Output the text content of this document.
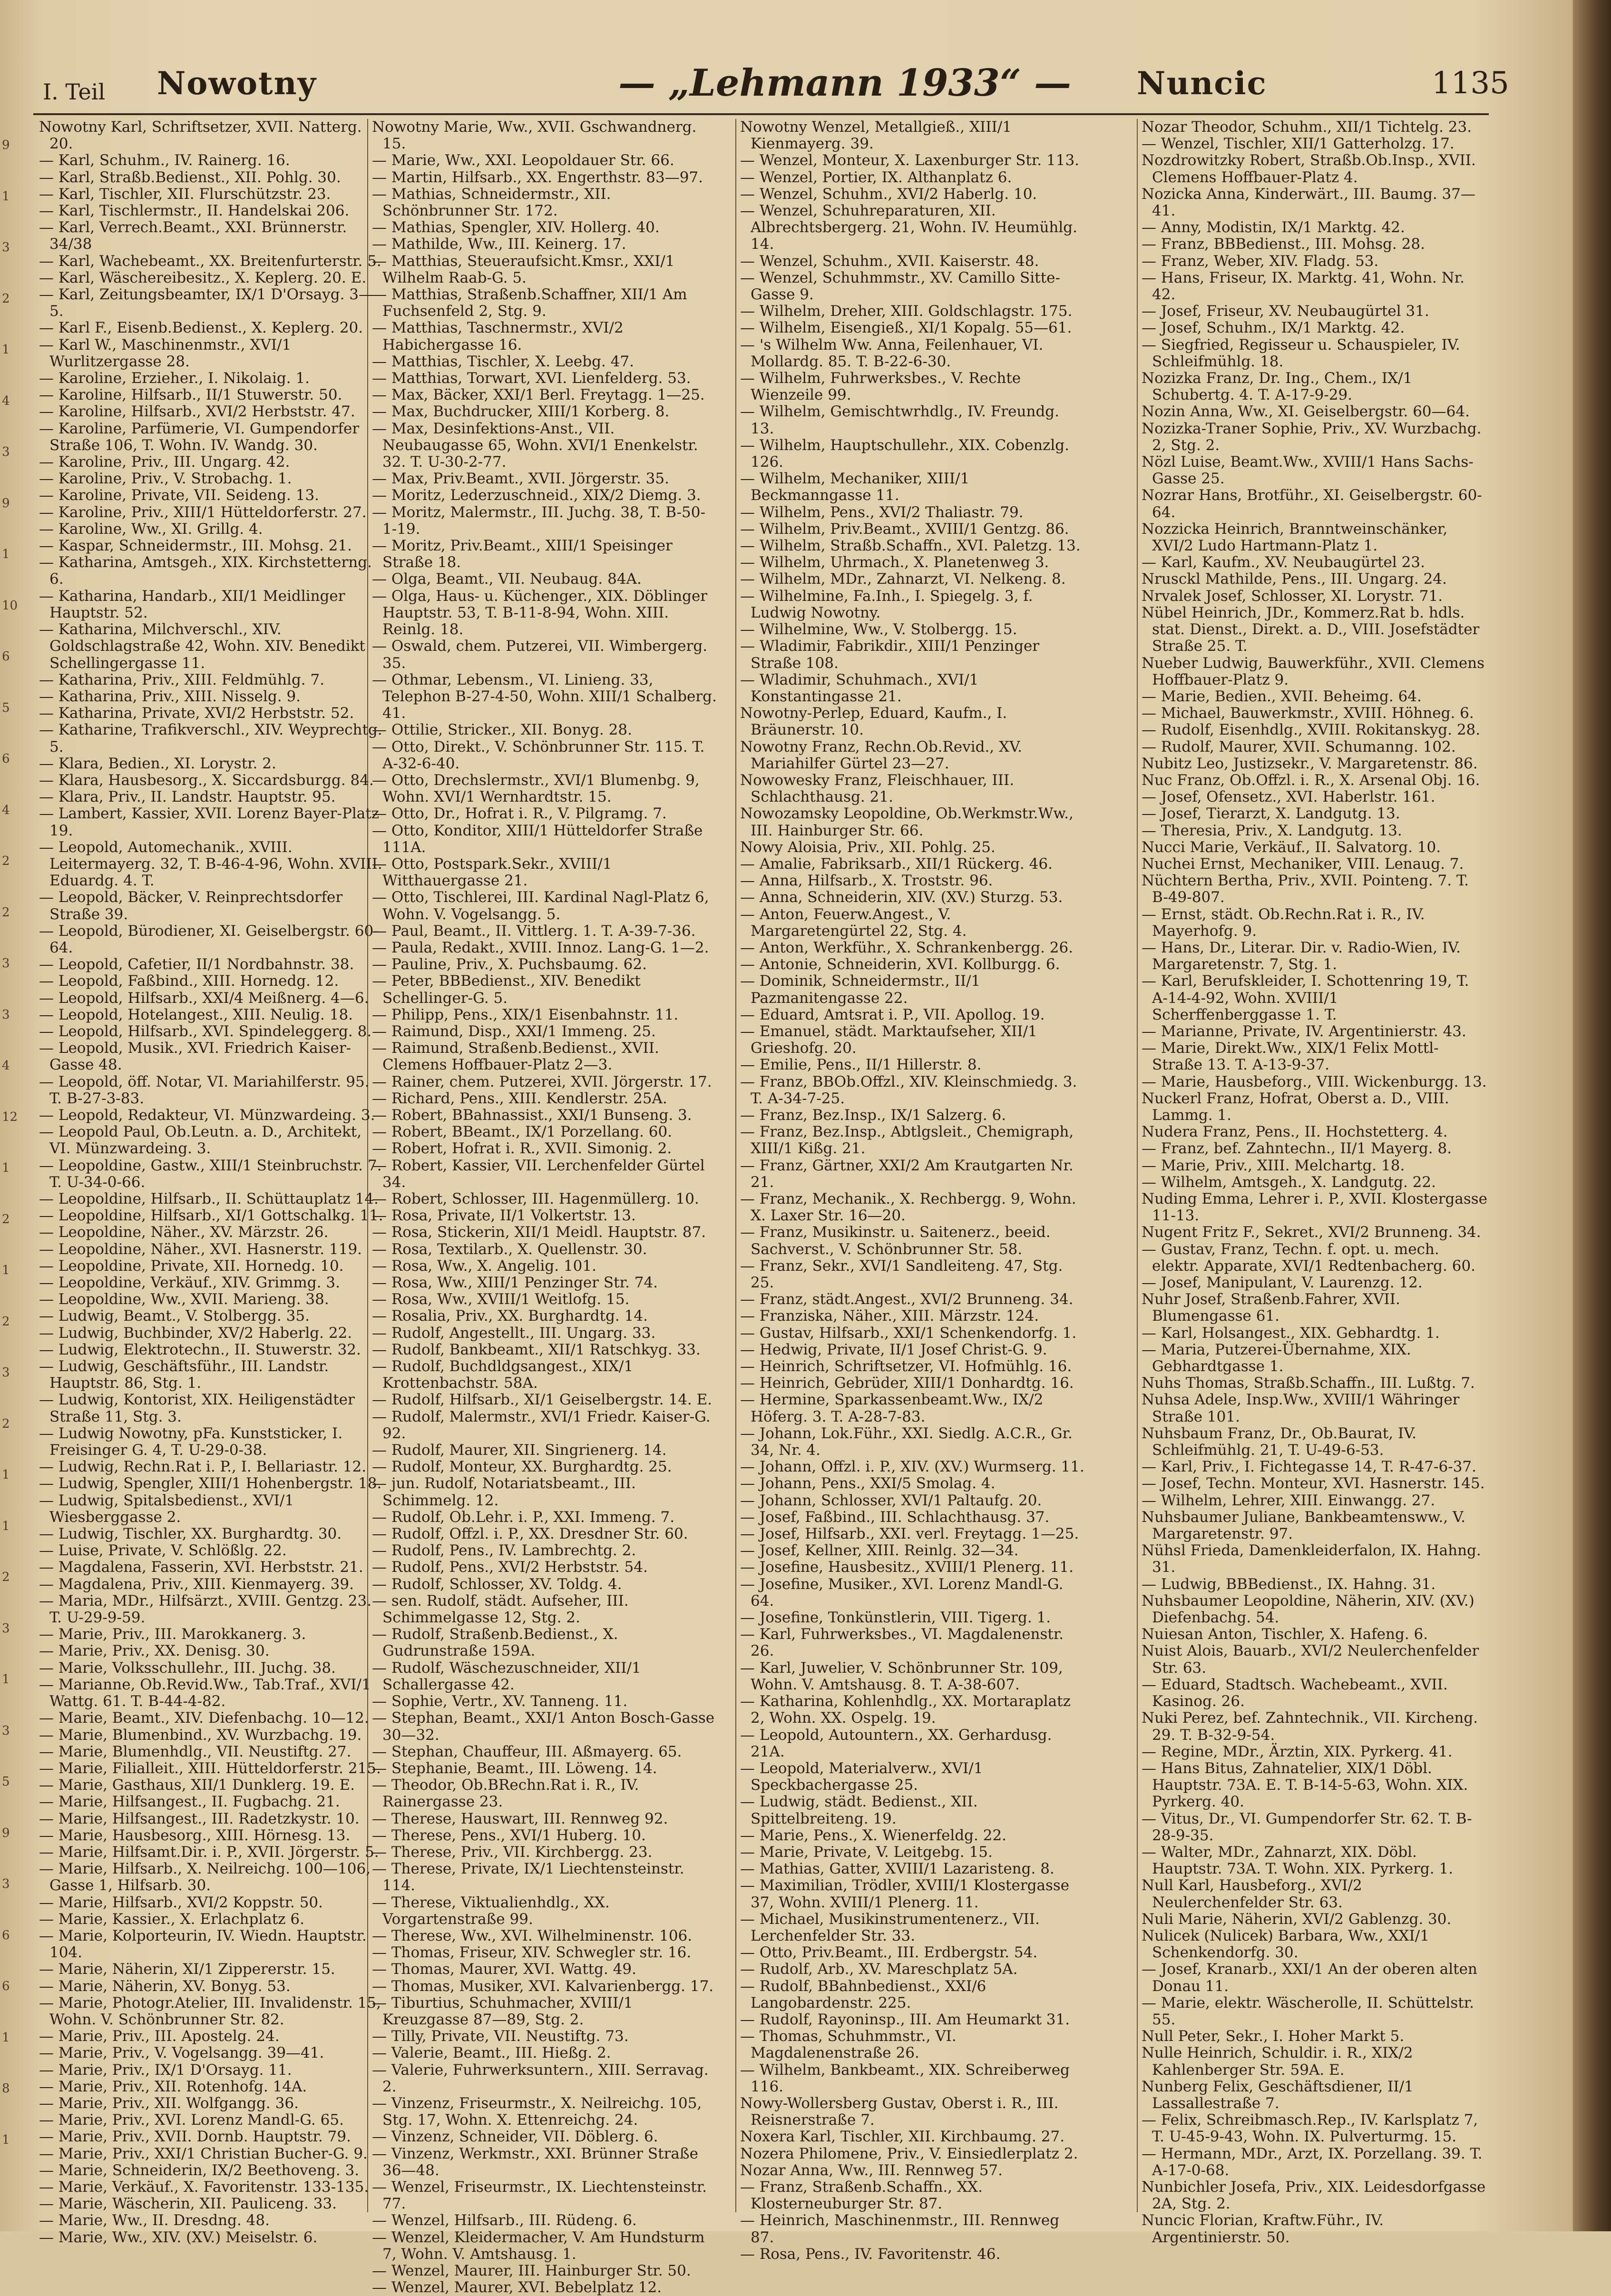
9
1
3
2
1
4
3
9
1
10
6
5
6
4
2
2
3
3
4
12
1
2
1
2
3
2
1
1
2
3
1
3
5
9
3
6
6
1
8
1
I. Teil Nowotny	— „Lehmann 1933“ — Nuncic	1135

Nowotny Karl, Schriftsetzer, XVII. Natterg. 20.

— Karl, Schuhm., IV. Rainerg. 16.

— Karl, Straßb.Bedienst., XII. Pohlg. 30.

— Karl, Tischler, XII. Flurschützstr. 23.

— Karl, Tischlermstr., II. Handelskai 206.

— Karl, Verrech.Beamt., XXI. Brünnerstr. 34/38

— Karl, Wachebeamt., XX. Breitenfurterstr. 5.

— Karl, Wäschereibesitz., X. Keplerg. 20. E.

— Karl, Zeitungsbeamter, IX/1 D'Orsayg. 3—5.

— Karl F., Eisenb.Bedienst., X. Keplerg. 20.

— Karl W., Maschinenmstr., XVI/1 Wurlitzergasse 28.

— Karoline, Erzieher., I. Nikolaig. 1.

— Karoline, Hilfsarb., II/1 Stuwerstr. 50.

— Karoline, Hilfsarb., XVI/2 Herbststr. 47.

— Karoline, Parfümerie, VI. Gumpendorfer Straße 106, T. Wohn. IV. Wandg. 30.

— Karoline, Priv., III. Ungarg. 42.

— Karoline, Priv., V. Strobachg. 1.

— Karoline, Private, VII. Seideng. 13.

— Karoline, Priv., XIII/1 Hütteldorferstr. 27.

— Karoline, Ww., XI. Grillg. 4.

— Kaspar, Schneidermstr., III. Mohsg. 21.

— Katharina, Amtsgeh., XIX. Kirchstetterng. 6.

— Katharina, Handarb., XII/1 Meidlinger Hauptstr. 52.

— Katharina, Milchverschl., XIV. Goldschlagstraße 42, Wohn. XIV. Benedikt Schellingergasse 11.

— Katharina, Priv., XIII. Feldmühlg. 7.

— Katharina, Priv., XIII. Nisselg. 9.

— Katharina, Private, XVI/2 Herbststr. 52.

— Katharine, Trafikverschl., XIV. Weyprechtg. 5.

— Klara, Bedien., XI. Lorystr. 2.

— Klara, Hausbesorg., X. Siccardsburgg. 84.

— Klara, Priv., II. Landstr. Hauptstr. 95.

— Lambert, Kassier, XVII. Lorenz Bayer-Platz 19.

— Leopold, Automechanik., XVIII. Leitermayerg. 32, T. B-46-4-96, Wohn. XVIII. Eduardg. 4. T.

— Leopold, Bäcker, V. Reinprechtsdorfer Straße 39.

— Leopold, Bürodiener, XI. Geiselbergstr. 60-64.

— Leopold, Cafetier, II/1 Nordbahnstr. 38.

— Leopold, Faßbind., XIII. Hornedg. 12.

— Leopold, Hilfsarb., XXI/4 Meißnerg. 4—6.

— Leopold, Hotelangest., XIII. Neulig. 18.

— Leopold, Hilfsarb., XVI. Spindeleggerg. 8.

— Leopold, Musik., XVI. Friedrich Kaiser-Gasse 48.

— Leopold, öff. Notar, VI. Mariahilferstr. 95. T. B-27-3-83.

— Leopold, Redakteur, VI. Münzwardeing. 3.

— Leopold Paul, Ob.Leutn. a. D., Architekt, VI. Münzwardeing. 3.

— Leopoldine, Gastw., XIII/1 Steinbruchstr. 7. T. U-34-0-66.

— Leopoldine, Hilfsarb., II. Schüttauplatz 14.

— Leopoldine, Hilfsarb., XI/1 Gottschalkg. 11.

— Leopoldine, Näher., XV. Märzstr. 26.

— Leopoldine, Näher., XVI. Hasnerstr. 119.

— Leopoldine, Private, XII. Hornedg. 10.

— Leopoldine, Verkäuf., XIV. Grimmg. 3.

— Leopoldine, Ww., XVII. Marieng. 38.

— Ludwig, Beamt., V. Stolbergg. 35.

— Ludwig, Buchbinder, XV/2 Haberlg. 22.

— Ludwig, Elektrotechn., II. Stuwerstr. 32.

— Ludwig, Geschäftsführ., III. Landstr. Hauptstr. 86, Stg. 1.

— Ludwig, Kontorist, XIX. Heiligenstädter Straße 11, Stg. 3.

— Ludwig Nowotny, pFa. Kunststicker, I. Freisinger G. 4, T. U-29-0-38.

— Ludwig, Rechn.Rat i. P., I. Bellariastr. 12.

— Ludwig, Spengler, XIII/1 Hohenbergstr. 18.

— Ludwig, Spitalsbedienst., XVI/1 Wiesberggasse 2.

— Ludwig, Tischler, XX. Burghardtg. 30.

— Luise, Private, V. Schlößlg. 22.

— Magdalena, Fasserin, XVI. Herbststr. 21.

— Magdalena, Priv., XIII. Kienmayerg. 39.

— Maria, MDr., Hilfsärzt., XVIII. Gentzg. 23. T. U-29-9-59.

— Marie, Priv., III. Marokkanerg. 3.

— Marie, Priv., XX. Denisg. 30.

— Marie, Volksschullehr., III. Juchg. 38.

— Marianne, Ob.Revid.Ww., Tab.Traf., XVI/1 Wattg. 61. T. B-44-4-82.

— Marie, Beamt., XIV. Diefenbachg. 10—12.

— Marie, Blumenbind., XV. Wurzbachg. 19.

— Marie, Blumenhdlg., VII. Neustiftg. 27.

— Marie, Filialleit., XIII. Hütteldorferstr. 215.

— Marie, Gasthaus, XII/1 Dunklerg. 19. E.

— Marie, Hilfsangest., II. Fugbachg. 21.

— Marie, Hilfsangest., III. Radetzkystr. 10.

— Marie, Hausbesorg., XIII. Hörnesg. 13.

— Marie, Hilfsamt.Dir. i. P., XVII. Jörgerstr. 5.

— Marie, Hilfsarb., X. Neilreichg. 100—106, Gasse 1, Hilfsarb. 30.

— Marie, Hilfsarb., XVI/2 Koppstr. 50.

— Marie, Kassier., X. Erlachplatz 6.

— Marie, Kolporteurin, IV. Wiedn. Hauptstr. 104.

— Marie, Näherin, XI/1 Zippererstr. 15.

— Marie, Näherin, XV. Bonyg. 53.

— Marie, Photogr.Atelier, III. Invalidenstr. 15, Wohn. V. Schönbrunner Str. 82.

— Marie, Priv., III. Apostelg. 24.

— Marie, Priv., V. Vogelsangg. 39—41.

— Marie, Priv., IX/1 D'Orsayg. 11.

— Marie, Priv., XII. Rotenhofg. 14A.

— Marie, Priv., XII. Wolfgangg. 36.

— Marie, Priv., XVI. Lorenz Mandl-G. 65.

— Marie, Priv., XVII. Dornb. Hauptstr. 79.

— Marie, Priv., XXI/1 Christian Bucher-G. 9.

— Marie, Schneiderin, IX/2 Beethoveng. 3.

— Marie, Verkäuf., X. Favoritenstr. 133-135.

— Marie, Wäscherin, XII. Pauliceng. 33.

— Marie, Ww., II. Dresdng. 48.

— Marie, Ww., XIV. (XV.) Meiselstr. 6.

Nowotny Marie, Ww., XVII. Gschwandnerg. 15.

— Marie, Ww., XXI. Leopoldauer Str. 66.

— Martin, Hilfsarb., XX. Engerthstr. 83—97.

— Mathias, Schneidermstr., XII. Schönbrunner Str. 172.

— Mathias, Spengler, XIV. Hollerg. 40.

— Mathilde, Ww., III. Keinerg. 17.

— Matthias, Steueraufsicht.Kmsr., XXI/1 Wilhelm Raab-G. 5.

— Matthias, Straßenb.Schaffner, XII/1 Am Fuchsenfeld 2, Stg. 9.

— Matthias, Taschnermstr., XVI/2 Habichergasse 16.

— Matthias, Tischler, X. Leebg. 47.

— Matthias, Torwart, XVI. Lienfelderg. 53.

— Max, Bäcker, XXI/1 Berl. Freytagg. 1—25.

— Max, Buchdrucker, XIII/1 Korberg. 8.

— Max, Desinfektions-Anst., VII. Neubaugasse 65, Wohn. XVI/1 Enenkelstr. 32. T. U-30-2-77.

— Max, Priv.Beamt., XVII. Jörgerstr. 35.

— Moritz, Lederzuschneid., XIX/2 Diemg. 3.

— Moritz, Malermstr., III. Juchg. 38, T. B-50-1-19.

— Moritz, Priv.Beamt., XIII/1 Speisinger Straße 18.

— Olga, Beamt., VII. Neubaug. 84A.

— Olga, Haus- u. Küchenger., XIX. Döblinger Hauptstr. 53, T. B-11-8-94, Wohn. XIII. Reinlg. 18.

— Oswald, chem. Putzerei, VII. Wimbergerg. 35.

— Othmar, Lebensm., VI. Linieng. 33, Telephon B-27-4-50, Wohn. XIII/1 Schalberg. 41.

— Ottilie, Stricker., XII. Bonyg. 28.

— Otto, Direkt., V. Schönbrunner Str. 115. T. A-32-6-40.

— Otto, Drechslermstr., XVI/1 Blumenbg. 9, Wohn. XVI/1 Wernhardtstr. 15.

— Otto, Dr., Hofrat i. R., V. Pilgramg. 7.

— Otto, Konditor, XIII/1 Hütteldorfer Straße 111A.

— Otto, Postspark.Sekr., XVIII/1 Witthauergasse 21.

— Otto, Tischlerei, III. Kardinal Nagl-Platz 6, Wohn. V. Vogelsangg. 5.

— Paul, Beamt., II. Vittlerg. 1. T. A-39-7-36.

— Paula, Redakt., XVIII. Innoz. Lang-G. 1—2.

— Pauline, Priv., X. Puchsbaumg. 62.

— Peter, BBBedienst., XIV. Benedikt Schellinger-G. 5.

— Philipp, Pens., XIX/1 Eisenbahnstr. 11.

— Raimund, Disp., XXI/1 Immeng. 25.

— Raimund, Straßenb.Bedienst., XVII. Clemens Hoffbauer-Platz 2—3.

— Rainer, chem. Putzerei, XVII. Jörgerstr. 17.

— Richard, Pens., XIII. Kendlerstr. 25A.

— Robert, BBahnassist., XXI/1 Bunseng. 3.

— Robert, BBeamt., IX/1 Porzellang. 60.

— Robert, Hofrat i. R., XVII. Simonig. 2.

— Robert, Kassier, VII. Lerchenfelder Gürtel 34.

— Robert, Schlosser, III. Hagenmüllerg. 10.

— Rosa, Private, II/1 Volkertstr. 13.

— Rosa, Stickerin, XII/1 Meidl. Hauptstr. 87.

— Rosa, Textilarb., X. Quellenstr. 30.

— Rosa, Ww., X. Angelig. 101.

— Rosa, Ww., XIII/1 Penzinger Str. 74.

— Rosa, Ww., XVIII/1 Weitlofg. 15.

— Rosalia, Priv., XX. Burghardtg. 14.

— Rudolf, Angestellt., III. Ungarg. 33.

— Rudolf, Bankbeamt., XII/1 Ratschkyg. 33.

— Rudolf, Buchdldgsangest., XIX/1 Krottenbachstr. 58A.

— Rudolf, Hilfsarb., XI/1 Geiselbergstr. 14. E.

— Rudolf, Malermstr., XVI/1 Friedr. Kaiser-G. 92.

— Rudolf, Maurer, XII. Singrienerg. 14.

— Rudolf, Monteur, XX. Burghardtg. 25.

— jun. Rudolf, Notariatsbeamt., III. Schimmelg. 12.

— Rudolf, Ob.Lehr. i. P., XXI. Immeng. 7.

— Rudolf, Offzl. i. P., XX. Dresdner Str. 60.

— Rudolf, Pens., IV. Lambrechtg. 2.

— Rudolf, Pens., XVI/2 Herbststr. 54.

— Rudolf, Schlosser, XV. Toldg. 4.

— sen. Rudolf, städt. Aufseher, III. Schimmelgasse 12, Stg. 2.

— Rudolf, Straßenb.Bedienst., X. Gudrunstraße 159A.

— Rudolf, Wäschezuschneider, XII/1 Schallergasse 42.

— Sophie, Vertr., XV. Tanneng. 11.

— Stephan, Beamt., XXI/1 Anton Bosch-Gasse 30—32.

— Stephan, Chauffeur, III. Aßmayerg. 65.

— Stephanie, Beamt., III. Löweng. 14.

— Theodor, Ob.BRechn.Rat i. R., IV. Rainergasse 23.

— Therese, Hauswart, III. Rennweg 92.

— Therese, Pens., XVI/1 Huberg. 10.

— Therese, Priv., VII. Kirchbergg. 23.

— Therese, Private, IX/1 Liechtensteinstr. 114.

— Therese, Viktualienhdlg., XX. Vorgartenstraße 99.

— Therese, Ww., XVI. Wilhelminenstr. 106.

— Thomas, Friseur, XIV. Schwegler str. 16.

— Thomas, Maurer, XVI. Wattg. 49.

— Thomas, Musiker, XVI. Kalvarienbergg. 17.

— Tiburtius, Schuhmacher, XVIII/1 Kreuzgasse 87—89, Stg. 2.

— Tilly, Private, VII. Neustiftg. 73.

— Valerie, Beamt., III. Hießg. 2.

— Valerie, Fuhrwerksuntern., XIII. Serravag. 2.

— Vinzenz, Friseurmstr., X. Neilreichg. 105, Stg. 17, Wohn. X. Ettenreichg. 24.

— Vinzenz, Schneider, VII. Döblerg. 6.

— Vinzenz, Werkmstr., XXI. Brünner Straße 36—48.

— Wenzel, Friseurmstr., IX. Liechtensteinstr. 77.

— Wenzel, Hilfsarb., III. Rüdeng. 6.

— Wenzel, Kleidermacher, V. Am Hundsturm 7, Wohn. V. Amtshausg. 1.

— Wenzel, Maurer, III. Hainburger Str. 50.

— Wenzel, Maurer, XVI. Bebelplatz 12.

Nowotny Wenzel, Metallgieß., XIII/1 Kienmayerg. 39.

— Wenzel, Monteur, X. Laxenburger Str. 113.

— Wenzel, Portier, IX. Althanplatz 6.

— Wenzel, Schuhm., XVI/2 Haberlg. 10.

— Wenzel, Schuhreparaturen, XII. Albrechtsbergerg. 21, Wohn. IV. Heumühlg. 14.

— Wenzel, Schuhm., XVII. Kaiserstr. 48.

— Wenzel, Schuhmmstr., XV. Camillo Sitte-Gasse 9.

— Wilhelm, Dreher, XIII. Goldschlagstr. 175.

— Wilhelm, Eisengieß., XI/1 Kopalg. 55—61.

— 's Wilhelm Ww. Anna, Feilenhauer, VI. Mollardg. 85. T. B-22-6-30.

— Wilhelm, Fuhrwerksbes., V. Rechte Wienzeile 99.

— Wilhelm, Gemischtwrhdlg., IV. Freundg. 13.

— Wilhelm, Hauptschullehr., XIX. Cobenzlg. 126.

— Wilhelm, Mechaniker, XIII/1 Beckmanngasse 11.

— Wilhelm, Pens., XVI/2 Thaliastr. 79.

— Wilhelm, Priv.Beamt., XVIII/1 Gentzg. 86.

— Wilhelm, Straßb.Schaffn., XVI. Paletzg. 13.

— Wilhelm, Uhrmach., X. Planetenweg 3.

— Wilhelm, MDr., Zahnarzt, VI. Nelkeng. 8.

— Wilhelmine, Fa.Inh., I. Spiegelg. 3, f. Ludwig Nowotny.

— Wilhelmine, Ww., V. Stolbergg. 15.

— Wladimir, Fabrikdir., XIII/1 Penzinger Straße 108.

— Wladimir, Schuhmach., XVI/1 Konstantingasse 21.

Nowotny-Perlep, Eduard, Kaufm., I. Bräunerstr. 10.

Nowotny Franz, Rechn.Ob.Revid., XV. Mariahilfer Gürtel 23—27.

Nowowesky Franz, Fleischhauer, III. Schlachthausg. 21.

Nowozamsky Leopoldine, Ob.Werkmstr.Ww., III. Hainburger Str. 66.

Nowy Aloisia, Priv., XII. Pohlg. 25.

— Amalie, Fabriksarb., XII/1 Rückerg. 46.

— Anna, Hilfsarb., X. Troststr. 96.

— Anna, Schneiderin, XIV. (XV.) Sturzg. 53.

— Anton, Feuerw.Angest., V. Margaretengürtel 22, Stg. 4.

— Anton, Werkführ., X. Schrankenbergg. 26.

— Antonie, Schneiderin, XVI. Kollburgg. 6.

— Dominik, Schneidermstr., II/1 Pazmanitengasse 22.

— Eduard, Amtsrat i. P., VII. Apollog. 19.

— Emanuel, städt. Marktaufseher, XII/1 Grieshofg. 20.

— Emilie, Pens., II/1 Hillerstr. 8.

— Franz, BBOb.Offzl., XIV. Kleinschmiedg. 3. T. A-34-7-25.

— Franz, Bez.Insp., IX/1 Salzerg. 6.

— Franz, Bez.Insp., Abtlgsleit., Chemigraph, XIII/1 Kißg. 21.

— Franz, Gärtner, XXI/2 Am Krautgarten Nr. 21.

— Franz, Mechanik., X. Rechbergg. 9, Wohn. X. Laxer Str. 16—20.

— Franz, Musikinstr. u. Saitenerz., beeid. Sachverst., V. Schönbrunner Str. 58.

— Franz, Sekr., XVI/1 Sandleiteng. 47, Stg. 25.

— Franz, städt.Angest., XVI/2 Brunneng. 34.

— Franziska, Näher., XIII. Märzstr. 124.

— Gustav, Hilfsarb., XXI/1 Schenkendorfg. 1.

— Hedwig, Private, II/1 Josef Christ-G. 9.

— Heinrich, Schriftsetzer, VI. Hofmühlg. 16.

— Heinrich, Gebrüder, XIII/1 Donhardtg. 16.

— Hermine, Sparkassenbeamt.Ww., IX/2 Höferg. 3. T. A-28-7-83.

— Johann, Lok.Führ., XXI. Siedlg. A.C.R., Gr. 34, Nr. 4.

— Johann, Offzl. i. P., XIV. (XV.) Wurmserg. 11.

— Johann, Pens., XXI/5 Smolag. 4.

— Johann, Schlosser, XVI/1 Paltaufg. 20.

— Josef, Faßbind., III. Schlachthausg. 37.

— Josef, Hilfsarb., XXI. verl. Freytagg. 1—25.

— Josef, Kellner, XIII. Reinlg. 32—34.

— Josefine, Hausbesitz., XVIII/1 Plenerg. 11.

— Josefine, Musiker., XVI. Lorenz Mandl-G. 64.

— Josefine, Tonkünstlerin, VIII. Tigerg. 1.

— Karl, Fuhrwerksbes., VI. Magdalenenstr. 26.

— Karl, Juwelier, V. Schönbrunner Str. 109, Wohn. V. Amtshausg. 8. T. A-38-607.

— Katharina, Kohlenhdlg., XX. Mortaraplatz 2, Wohn. XX. Ospelg. 19.

— Leopold, Autountern., XX. Gerhardusg. 21A.

— Leopold, Materialverw., XVI/1 Speckbachergasse 25.

— Ludwig, städt. Bedienst., XII. Spittelbreiteng. 19.

— Marie, Pens., X. Wienerfeldg. 22.

— Marie, Private, V. Leitgebg. 15.

— Mathias, Gatter, XVIII/1 Lazaristeng. 8.

— Maximilian, Trödler, XVIII/1 Klostergasse 37, Wohn. XVIII/1 Plenerg. 11.

— Michael, Musikinstrumentenerz., VII. Lerchenfelder Str. 33.

— Otto, Priv.Beamt., III. Erdbergstr. 54.

— Rudolf, Arb., XV. Mareschplatz 5A.

— Rudolf, BBahnbedienst., XXI/6 Langobardenstr. 225.

— Rudolf, Rayoninsp., III. Am Heumarkt 31.

— Thomas, Schuhmmstr., VI. Magdalenenstraße 26.

— Wilhelm, Bankbeamt., XIX. Schreiberweg 116.

Nowy-Wollersberg Gustav, Oberst i. R., III. Reisnerstraße 7.

Noxera Karl, Tischler, XII. Kirchbaumg. 27.

Nozera Philomene, Priv., V. Einsiedlerplatz 2.

Nozar Anna, Ww., III. Rennweg 57.

— Franz, Straßenb.Schaffn., XX. Klosterneuburger Str. 87.

— Heinrich, Maschinenmstr., III. Rennweg 87.

— Rosa, Pens., IV. Favoritenstr. 46.

Nozar Theodor, Schuhm., XII/1 Tichtelg. 23.

— Wenzel, Tischler, XII/1 Gatterholzg. 17.

Nozdrowitzky Robert, Straßb.Ob.Insp., XVII. Clemens Hoffbauer-Platz 4.

Nozicka Anna, Kinderwärt., III. Baumg. 37—41.

— Anny, Modistin, IX/1 Marktg. 42.

— Franz, BBBedienst., III. Mohsg. 28.

— Franz, Weber, XIV. Fladg. 53.

— Hans, Friseur, IX. Marktg. 41, Wohn. Nr. 42.

— Josef, Friseur, XV. Neubaugürtel 31.

— Josef, Schuhm., IX/1 Marktg. 42.

— Siegfried, Regisseur u. Schauspieler, IV. Schleifmühlg. 18.

Nozizka Franz, Dr. Ing., Chem., IX/1 Schubertg. 4. T. A-17-9-29.

Nozin Anna, Ww., XI. Geiselbergstr. 60—64.

Nozizka-Traner Sophie, Priv., XV. Wurzbachg. 2, Stg. 2.

Nözl Luise, Beamt.Ww., XVIII/1 Hans Sachs-Gasse 25.

Nozrar Hans, Brotführ., XI. Geiselbergstr. 60-64.

Nozzicka Heinrich, Branntweinschänker, XVI/2 Ludo Hartmann-Platz 1.

— Karl, Kaufm., XV. Neubaugürtel 23.

Nrusckl Mathilde, Pens., III. Ungarg. 24.

Nrvalek Josef, Schlosser, XI. Lorystr. 71.

Nübel Heinrich, JDr., Kommerz.Rat b. hdls. stat. Dienst., Direkt. a. D., VIII. Josefstädter Straße 25. T.

Nueber Ludwig, Bauwerkführ., XVII. Clemens Hoffbauer-Platz 9.

— Marie, Bedien., XVII. Beheimg. 64.

— Michael, Bauwerkmstr., XVIII. Höhneg. 6.

— Rudolf, Eisenhdlg., XVIII. Rokitanskyg. 28.

— Rudolf, Maurer, XVII. Schumanng. 102.

Nubitz Leo, Justizsekr., V. Margaretenstr. 86.

Nuc Franz, Ob.Offzl. i. R., X. Arsenal Obj. 16.

— Josef, Ofensetz., XVI. Haberlstr. 161.

— Josef, Tierarzt, X. Landgutg. 13.

— Theresia, Priv., X. Landgutg. 13.

Nucci Marie, Verkäuf., II. Salvatorg. 10.

Nuchei Ernst, Mechaniker, VIII. Lenaug. 7.

Nüchtern Bertha, Priv., XVII. Pointeng. 7. T. B-49-807.

— Ernst, städt. Ob.Rechn.Rat i. R., IV. Mayerhofg. 9.

— Hans, Dr., Literar. Dir. v. Radio-Wien, IV. Margaretenstr. 7, Stg. 1.

— Karl, Berufskleider, I. Schottenring 19, T. A-14-4-92, Wohn. XVIII/1 Scherffenberggasse 1. T.

— Marianne, Private, IV. Argentinierstr. 43.

— Marie, Direkt.Ww., XIX/1 Felix Mottl-Straße 13. T. A-13-9-37.

— Marie, Hausbeforg., VIII. Wickenburgg. 13.

Nuckerl Franz, Hofrat, Oberst a. D., VIII. Lammg. 1.

Nudera Franz, Pens., II. Hochstetterg. 4.

— Franz, bef. Zahntechn., II/1 Mayerg. 8.

— Marie, Priv., XIII. Melchartg. 18.

— Wilhelm, Amtsgeh., X. Landgutg. 22.

Nuding Emma, Lehrer i. P., XVII. Klostergasse 11-13.

Nugent Fritz F., Sekret., XVI/2 Brunneng. 34.

— Gustav, Franz, Techn. f. opt. u. mech. elektr. Apparate, XVI/1 Redtenbacherg. 60.

— Josef, Manipulant, V. Laurenzg. 12.

Nuhr Josef, Straßenb.Fahrer, XVII. Blumengasse 61.

— Karl, Holsangest., XIX. Gebhardtg. 1.

— Maria, Putzerei-Übernahme, XIX. Gebhardtgasse 1.

Nuhs Thomas, Straßb.Schaffn., III. Lußtg. 7.

Nuhsa Adele, Insp.Ww., XVIII/1 Währinger Straße 101.

Nuhsbaum Franz, Dr., Ob.Baurat, IV. Schleifmühlg. 21, T. U-49-6-53.

— Karl, Priv., I. Fichtegasse 14, T. R-47-6-37.

— Josef, Techn. Monteur, XVI. Hasnerstr. 145.

— Wilhelm, Lehrer, XIII. Einwangg. 27.

Nuhsbaumer Juliane, Bankbeamtensww., V. Margaretenstr. 97.

Nühsl Frieda, Damenkleiderfalon, IX. Hahng. 31.

— Ludwig, BBBedienst., IX. Hahng. 31.

Nuhsbaumer Leopoldine, Näherin, XIV. (XV.) Diefenbachg. 54.

Nuiesan Anton, Tischler, X. Hafeng. 6.

Nuist Alois, Bauarb., XVI/2 Neulerchenfelder Str. 63.

— Eduard, Stadtsch. Wachebeamt., XVII. Kasinog. 26.

Nuki Perez, bef. Zahntechnik., VII. Kircheng. 29. T. B-32-9-54.

— Regine, MDr., Ärztin, XIX. Pyrkerg. 41.

— Hans Bitus, Zahnatelier, XIX/1 Döbl. Hauptstr. 73A. E. T. B-14-5-63, Wohn. XIX. Pyrkerg. 40.

— Vitus, Dr., VI. Gumpendorfer Str. 62. T. B-28-9-35.

— Walter, MDr., Zahnarzt, XIX. Döbl. Hauptstr. 73A. T. Wohn. XIX. Pyrkerg. 1.

Null Karl, Hausbeforg., XVI/2 Neulerchenfelder Str. 63.

Nuli Marie, Näherin, XVI/2 Gablenzg. 30.

Nulicek (Nulicek) Barbara, Ww., XXI/1 Schenkendorfg. 30.

— Josef, Kranarb., XXI/1 An der oberen alten Donau 11.

— Marie, elektr. Wäscherolle, II. Schüttelstr. 55.

Null Peter, Sekr., I. Hoher Markt 5.

Nulle Heinrich, Schuldir. i. R., XIX/2 Kahlenberger Str. 59A. E.

Nunberg Felix, Geschäftsdiener, II/1 Lassallestraße 7.

— Felix, Schreibmasch.Rep., IV. Karlsplatz 7, T. U-45-9-43, Wohn. IX. Pulverturmg. 15.

— Hermann, MDr., Arzt, IX. Porzellang. 39. T. A-17-0-68.

Nunbichler Josefa, Priv., XIX. Leidesdorfgasse 2A, Stg. 2.

Nuncic Florian, Kraftw.Führ., IV. Argentinierstr. 50.
